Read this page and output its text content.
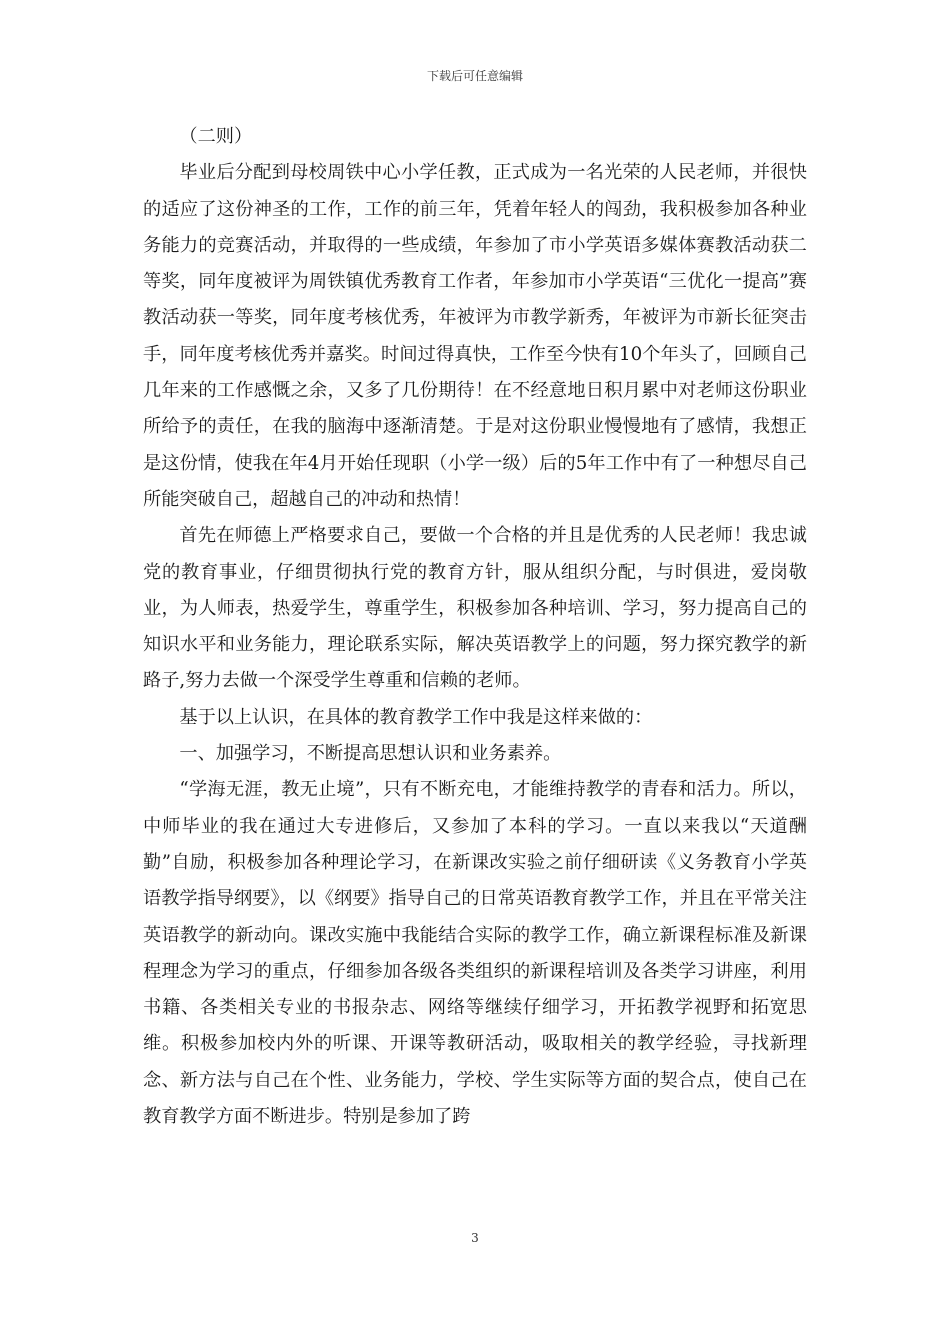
下载后可任意编辑

（二则）

毕业后分配到母校周铁中心小学任教，正式成为一名光荣的人民老师，并很快的适应了这份神圣的工作，工作的前三年，凭着年轻人的闯劲，我积极参加各种业务能力的竞赛活动，并取得的一些成绩，年参加了市小学英语多媒体赛教活动获二等奖，同年度被评为周铁镇优秀教育工作者，年参加市小学英语“三优化一提高”赛教活动获一等奖，同年度考核优秀，年被评为市教学新秀，年被评为市新长征突击手，同年度考核优秀并嘉奖。时间过得真快，工作至今快有10个年头了，回顾自己几年来的工作感慨之余，又多了几份期待！在不经意地日积月累中对老师这份职业所给予的责任，在我的脑海中逐渐清楚。于是对这份职业慢慢地有了感情，我想正是这份情，使我在年4月开始任现职（小学一级）后的5年工作中有了一种想尽自己所能突破自己，超越自己的冲动和热情！

首先在师德上严格要求自己，要做一个合格的并且是优秀的人民老师！我忠诚党的教育事业，仔细贯彻执行党的教育方针，服从组织分配，与时俱进，爱岗敬业，为人师表，热爱学生，尊重学生，积极参加各种培训、学习，努力提高自己的知识水平和业务能力，理论联系实际，解决英语教学上的问题，努力探究教学的新路子,努力去做一个深受学生尊重和信赖的老师。

基于以上认识，在具体的教育教学工作中我是这样来做的：

一、加强学习，不断提高思想认识和业务素养。

“学海无涯，教无止境”，只有不断充电，才能维持教学的青春和活力。所以，中师毕业的我在通过大专进修后，又参加了本科的学习。一直以来我以“天道酬勤”自励，积极参加各种理论学习，在新课改实验之前仔细研读《义务教育小学英语教学指导纲要》，以《纲要》指导自己的日常英语教育教学工作，并且在平常关注英语教学的新动向。课改实施中我能结合实际的教学工作，确立新课程标准及新课程理念为学习的重点，仔细参加各级各类组织的新课程培训及各类学习讲座，利用书籍、各类相关专业的书报杂志、网络等继续仔细学习，开拓教学视野和拓宽思维。积极参加校内外的听课、开课等教研活动，吸取相关的教学经验，寻找新理念、新方法与自己在个性、业务能力，学校、学生实际等方面的契合点，使自己在教育教学方面不断进步。特别是参加了跨

3
